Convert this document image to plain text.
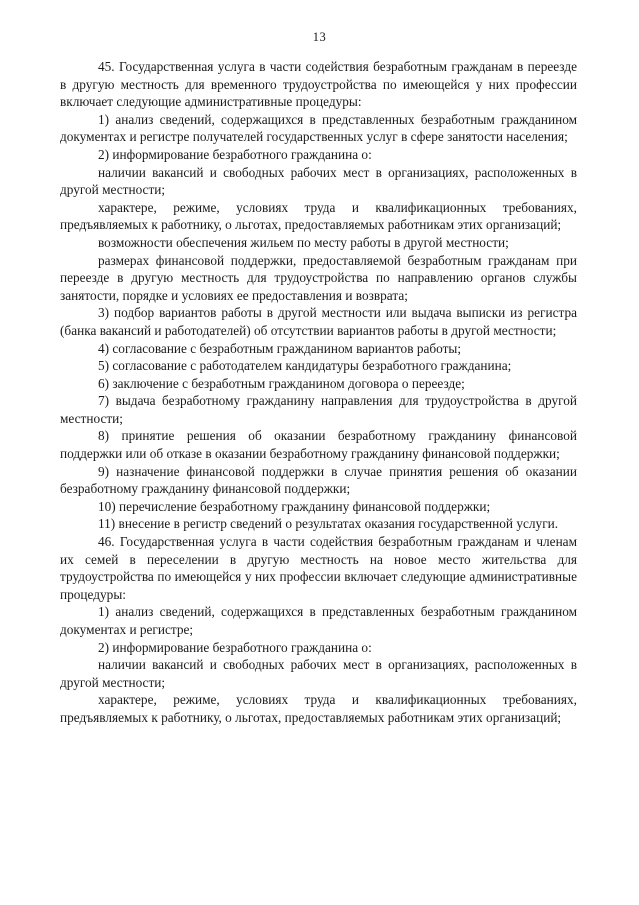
13

45. Государственная услуга в части содействия безработным гражданам в переезде в другую местность для временного трудоустройства по имеющейся у них профессии включает следующие административные процедуры:

1) анализ сведений, содержащихся в представленных безработным гражданином документах и регистре получателей государственных услуг в сфере занятости населения;

2) информирование безработного гражданина о:

наличии вакансий и свободных рабочих мест в организациях, расположенных в другой местности;

характере, режиме, условиях труда и квалификационных требованиях, предъявляемых к работнику, о льготах, предоставляемых работникам этих организаций;

возможности обеспечения жильем по месту работы в другой местности;

размерах финансовой поддержки, предоставляемой безработным гражданам при переезде в другую местность для трудоустройства по направлению органов службы занятости, порядке и условиях ее предоставления и возврата;

3) подбор вариантов работы в другой местности или выдача выписки из регистра (банка вакансий и работодателей) об отсутствии вариантов работы в другой местности;

4) согласование с безработным гражданином вариантов работы;

5) согласование с работодателем кандидатуры безработного гражданина;

6) заключение с безработным гражданином договора о переезде;

7) выдача безработному гражданину направления для трудоустройства в другой местности;

8) принятие решения об оказании безработному гражданину финансовой поддержки или об отказе в оказании безработному гражданину финансовой поддержки;

9) назначение финансовой поддержки в случае принятия решения об оказании безработному гражданину финансовой поддержки;

10) перечисление безработному гражданину финансовой поддержки;

11) внесение в регистр сведений о результатах оказания государственной услуги.

46. Государственная услуга в части содействия безработным гражданам и членам их семей в переселении в другую местность на новое место жительства для трудоустройства по имеющейся у них профессии включает следующие административные процедуры:

1) анализ сведений, содержащихся в представленных безработным гражданином документах и регистре;

2) информирование безработного гражданина о:

наличии вакансий и свободных рабочих мест в организациях, расположенных в другой местности;

характере, режиме, условиях труда и квалификационных требованиях, предъявляемых к работнику, о льготах, предоставляемых работникам этих организаций;
